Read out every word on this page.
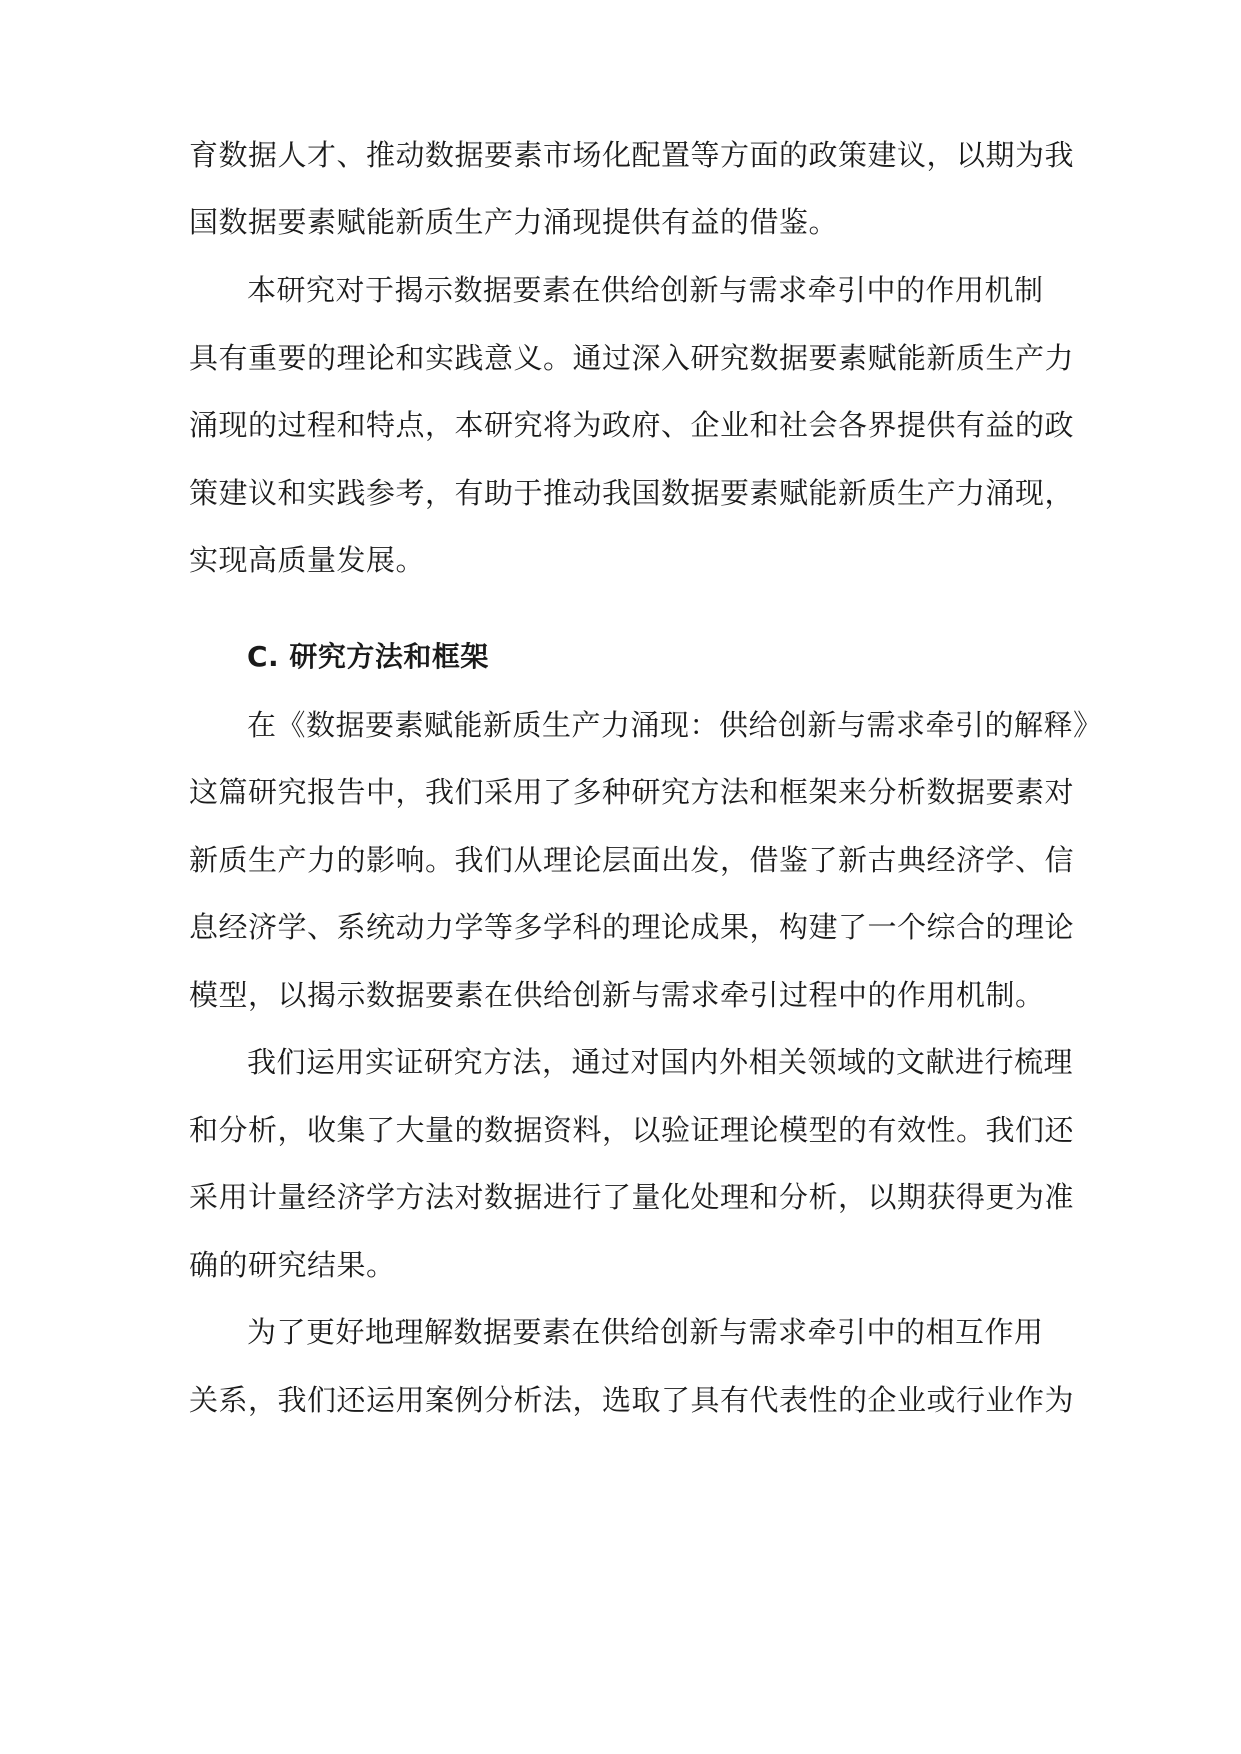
育数据人才、推动数据要素市场化配置等方面的政策建议，以期为我
国数据要素赋能新质生产力涌现提供有益的借鉴。
本研究对于揭示数据要素在供给创新与需求牵引中的作用机制
具有重要的理论和实践意义。通过深入研究数据要素赋能新质生产力
涌现的过程和特点，本研究将为政府、企业和社会各界提供有益的政
策建议和实践参考，有助于推动我国数据要素赋能新质生产力涌现，
实现高质量发展。
C. 研究方法和框架
在《数据要素赋能新质生产力涌现：供给创新与需求牵引的解释》
这篇研究报告中，我们采用了多种研究方法和框架来分析数据要素对
新质生产力的影响。我们从理论层面出发，借鉴了新古典经济学、信
息经济学、系统动力学等多学科的理论成果，构建了一个综合的理论
模型，以揭示数据要素在供给创新与需求牵引过程中的作用机制。
我们运用实证研究方法，通过对国内外相关领域的文献进行梳理
和分析，收集了大量的数据资料，以验证理论模型的有效性。我们还
采用计量经济学方法对数据进行了量化处理和分析，以期获得更为准
确的研究结果。
为了更好地理解数据要素在供给创新与需求牵引中的相互作用
关系，我们还运用案例分析法，选取了具有代表性的企业或行业作为
